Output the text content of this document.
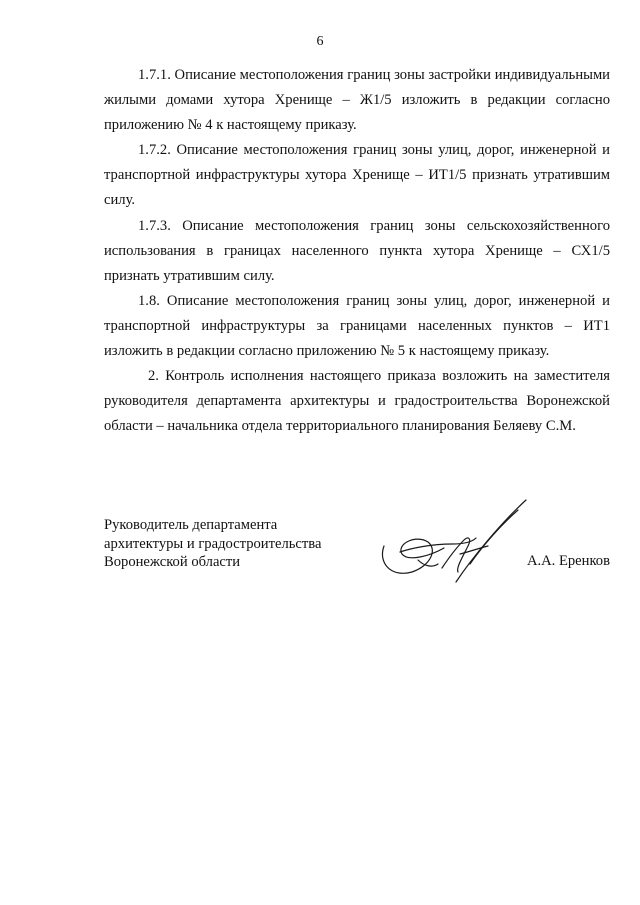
6

1.7.1. Описание местоположения границ зоны застройки индивидуальными жилыми домами хутора Хренище – Ж1/5 изложить в редакции согласно приложению № 4 к настоящему приказу.

1.7.2. Описание местоположения границ зоны улиц, дорог, инженерной и транспортной инфраструктуры хутора Хренище – ИТ1/5 признать утратившим силу.

1.7.3. Описание местоположения границ зоны сельскохозяйственного использования в границах населенного пункта хутора Хренище – СХ1/5 признать утратившим силу.

1.8. Описание местоположения границ зоны улиц, дорог, инженерной и транспортной инфраструктуры за границами населенных пунктов – ИТ1 изложить в редакции согласно приложению № 5 к настоящему приказу.

2. Контроль исполнения настоящего приказа возложить на заместителя руководителя департамента архитектуры и градостроительства Воронежской области – начальника отдела территориального планирования Беляеву С.М.

Руководитель департамента
архитектуры и градостроительства
Воронежской области	А.А. Еренков
